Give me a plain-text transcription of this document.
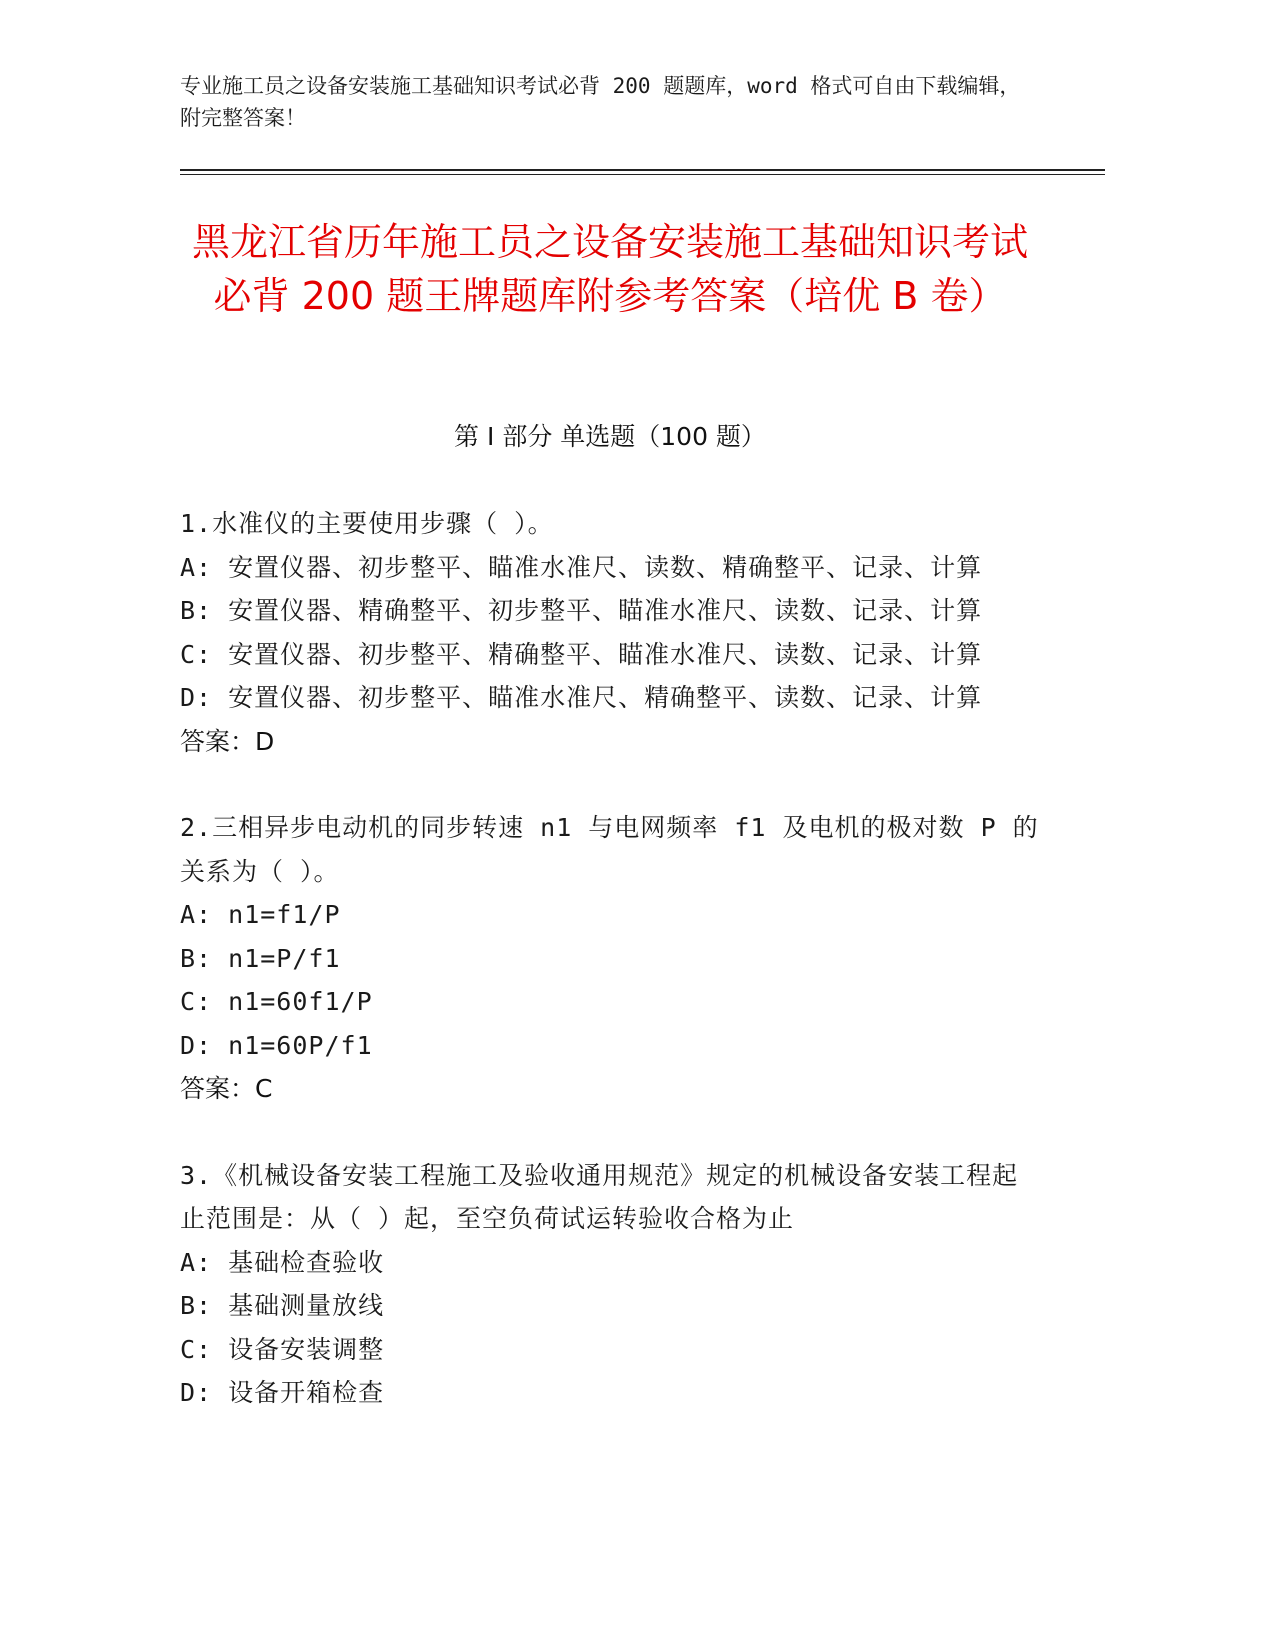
专业施工员之设备安装施工基础知识考试必背 200 题题库，word 格式可自由下载编辑，附完整答案！
黑龙江省历年施工员之设备安装施工基础知识考试必背 200 题王牌题库附参考答案（培优 B 卷）
第 I 部分 单选题（100 题）
1.水准仪的主要使用步骤（ ）。
A: 安置仪器、初步整平、瞄准水准尺、读数、精确整平、记录、计算
B: 安置仪器、精确整平、初步整平、瞄准水准尺、读数、记录、计算
C: 安置仪器、初步整平、精确整平、瞄准水准尺、读数、记录、计算
D: 安置仪器、初步整平、瞄准水准尺、精确整平、读数、记录、计算
答案：D
2.三相异步电动机的同步转速 n1 与电网频率 f1 及电机的极对数 P 的关系为（ ）。
A: n1=f1/P
B: n1=P/f1
C: n1=60f1/P
D: n1=60P/f1
答案：C
3.《机械设备安装工程施工及验收通用规范》规定的机械设备安装工程起止范围是：从（ ）起，至空负荷试运转验收合格为止
A: 基础检查验收
B: 基础测量放线
C: 设备安装调整
D: 设备开箱检查
